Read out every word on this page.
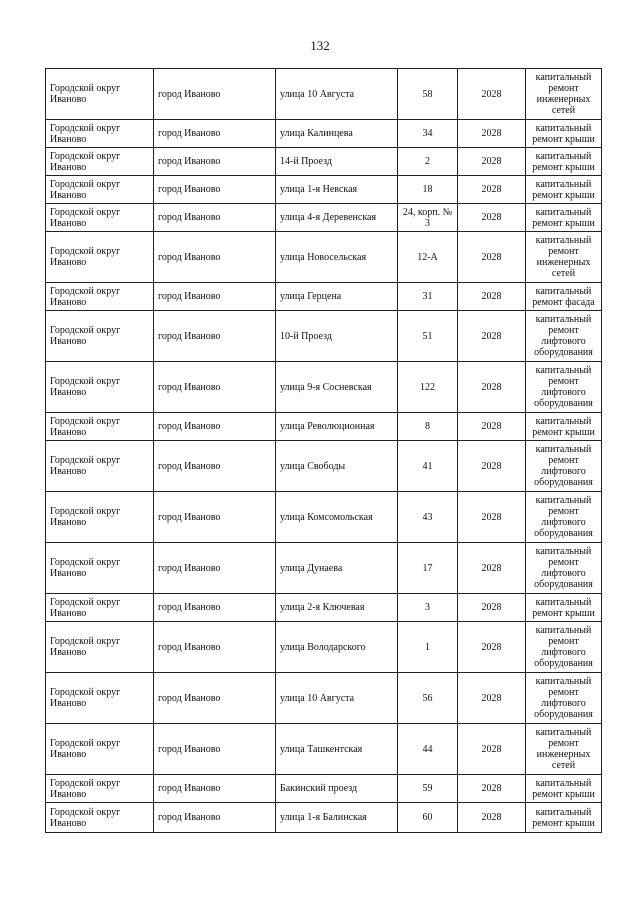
132
Городской округ Иваново	город Иваново	улица 10 Августа	58	2028	капитальный ремонт инженерных сетей
Городской округ Иваново	город Иваново	улица Калинцева	34	2028	капитальный ремонт крыши
Городской округ Иваново	город Иваново	14-й Проезд	2	2028	капитальный ремонт крыши
Городской округ Иваново	город Иваново	улица 1-я Невская	18	2028	капитальный ремонт крыши
Городской округ Иваново	город Иваново	улица 4-я Деревенская	24, корп. № 3	2028	капитальный ремонт крыши
Городской округ Иваново	город Иваново	улица Новосельская	12-А	2028	капитальный ремонт инженерных сетей
Городской округ Иваново	город Иваново	улица Герцена	31	2028	капитальный ремонт фасада
Городской округ Иваново	город Иваново	10-й Проезд	51	2028	капитальный ремонт лифтового оборудования
Городской округ Иваново	город Иваново	улица 9-я Сосневская	122	2028	капитальный ремонт лифтового оборудования
Городской округ Иваново	город Иваново	улица Революционная	8	2028	капитальный ремонт крыши
Городской округ Иваново	город Иваново	улица Свободы	41	2028	капитальный ремонт лифтового оборудования
Городской округ Иваново	город Иваново	улица Комсомольская	43	2028	капитальный ремонт лифтового оборудования
Городской округ Иваново	город Иваново	улица Дунаева	17	2028	капитальный ремонт лифтового оборудования
Городской округ Иваново	город Иваново	улица 2-я Ключевая	3	2028	капитальный ремонт крыши
Городской округ Иваново	город Иваново	улица Володарского	1	2028	капитальный ремонт лифтового оборудования
Городской округ Иваново	город Иваново	улица 10 Августа	56	2028	капитальный ремонт лифтового оборудования
Городской округ Иваново	город Иваново	улица Ташкентская	44	2028	капитальный ремонт инженерных сетей
Городской округ Иваново	город Иваново	Бакинский проезд	59	2028	капитальный ремонт крыши
Городской округ Иваново	город Иваново	улица 1-я Балинская	60	2028	капитальный ремонт крыши
